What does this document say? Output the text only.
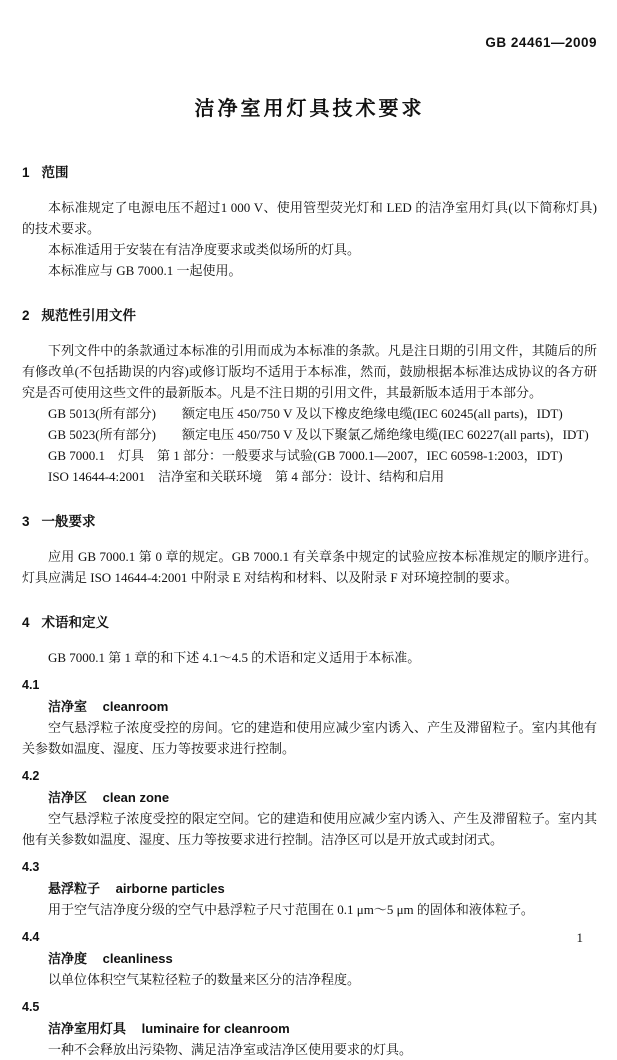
GB 24461—2009
洁净室用灯具技术要求
1 范围

本标准规定了电源电压不超过1 000 V、使用管型荧光灯和 LED 的洁净室用灯具(以下简称灯具)的技术要求。

本标准适用于安装在有洁净度要求或类似场所的灯具。

本标准应与 GB 7000.1 一起使用。

2 规范性引用文件

下列文件中的条款通过本标准的引用而成为本标准的条款。凡是注日期的引用文件，其随后的所有修改单(不包括勘误的内容)或修订版均不适用于本标准，然而，鼓励根据本标准达成协议的各方研究是否可使用这些文件的最新版本。凡是不注日期的引用文件，其最新版本适用于本部分。

GB 5013(所有部分)　　额定电压 450/750 V 及以下橡皮绝缘电缆(IEC 60245(all parts)，IDT)

GB 5023(所有部分)　　额定电压 450/750 V 及以下聚氯乙烯绝缘电缆(IEC 60227(all parts)，IDT)

GB 7000.1　灯具　第 1 部分：一般要求与试验(GB 7000.1—2007，IEC 60598-1:2003，IDT)

ISO 14644-4:2001　洁净室和关联环境　第 4 部分：设计、结构和启用

3 一般要求

应用 GB 7000.1 第 0 章的规定。GB 7000.1 有关章条中规定的试验应按本标准规定的顺序进行。灯具应满足 ISO 14644-4:2001 中附录 E 对结构和材料、以及附录 F 对环境控制的要求。

4 术语和定义

GB 7000.1 第 1 章的和下述 4.1～4.5 的术语和定义适用于本标准。

4.1
洁净室 cleanroom

空气悬浮粒子浓度受控的房间。它的建造和使用应减少室内诱入、产生及滞留粒子。室内其他有关参数如温度、湿度、压力等按要求进行控制。

4.2
洁净区 clean zone

空气悬浮粒子浓度受控的限定空间。它的建造和使用应减少室内诱入、产生及滞留粒子。室内其他有关参数如温度、湿度、压力等按要求进行控制。洁净区可以是开放式或封闭式。

4.3
悬浮粒子 airborne particles

用于空气洁净度分级的空气中悬浮粒子尺寸范围在 0.1 μm～5 μm 的固体和液体粒子。

4.4
洁净度 cleanliness

以单位体积空气某粒径粒子的数量来区分的洁净程度。

4.5
洁净室用灯具 luminaire for cleanroom

一种不会释放出污染物、满足洁净室或洁净区使用要求的灯具。

1
